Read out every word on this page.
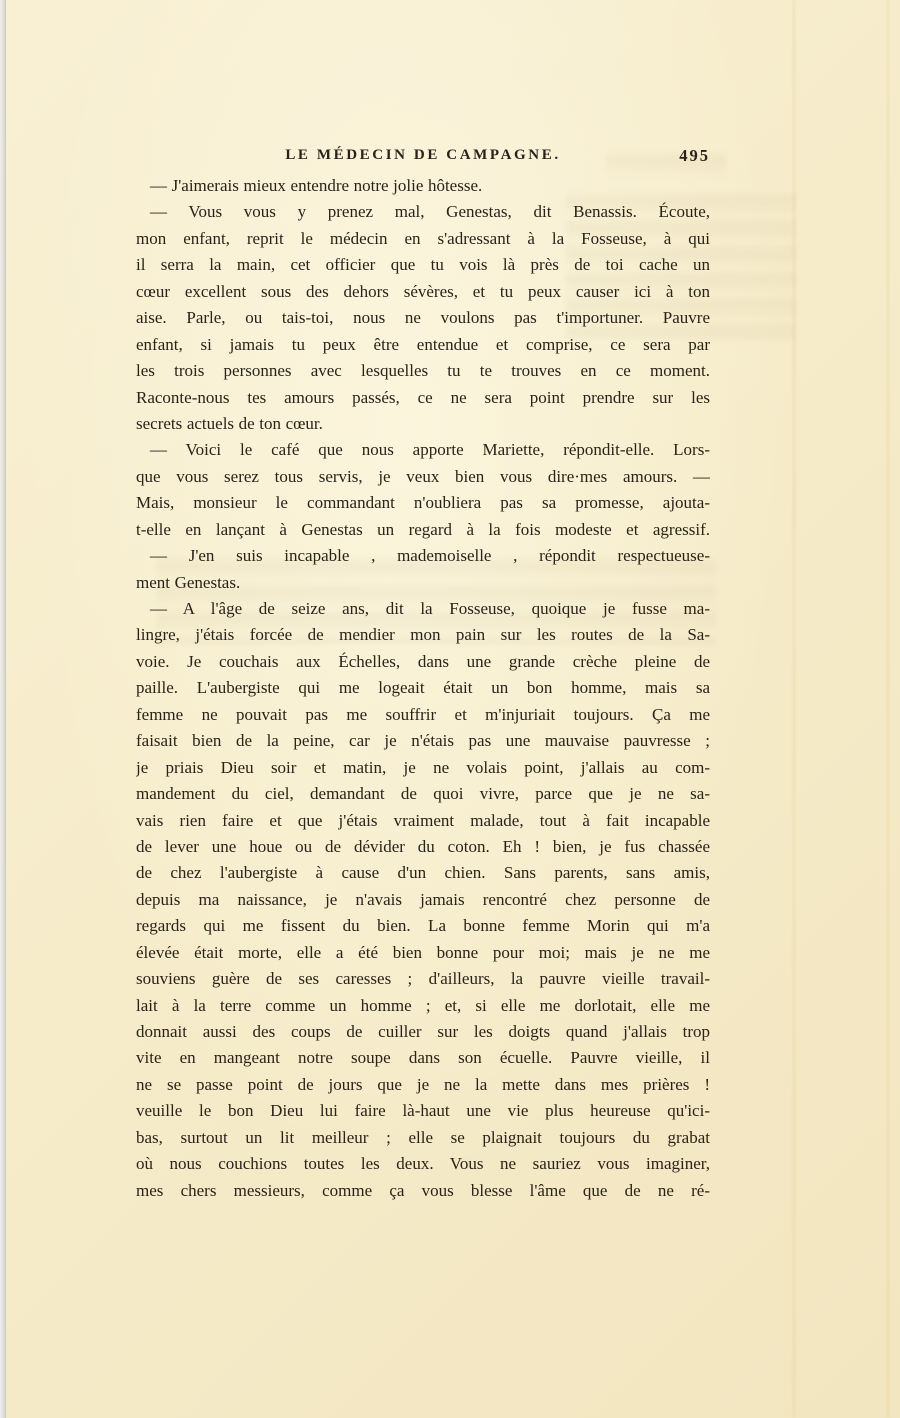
LE MÉDECIN DE CAMPAGNE.	495
— J'aimerais mieux entendre notre jolie hôtesse.
— Vous vous y prenez mal, Genestas, dit Benassis. Écoute,
mon enfant, reprit le médecin en s'adressant à la Fosseuse, à qui
il serra la main, cet officier que tu vois là près de toi cache un
cœur excellent sous des dehors sévères, et tu peux causer ici à ton
aise. Parle, ou tais-toi, nous ne voulons pas t'importuner. Pauvre
enfant, si jamais tu peux être entendue et comprise, ce sera par
les trois personnes avec lesquelles tu te trouves en ce moment.
Raconte-nous tes amours passés, ce ne sera point prendre sur les
secrets actuels de ton cœur.
— Voici le café que nous apporte Mariette, répondit-elle. Lors-
que vous serez tous servis, je veux bien vous dire·mes amours. —
Mais, monsieur le commandant n'oubliera pas sa promesse, ajouta-
t-elle en lançant à Genestas un regard à la fois modeste et agressif.
— J'en suis incapable , mademoiselle , répondit respectueuse-
ment Genestas.
— A l'âge de seize ans, dit la Fosseuse, quoique je fusse ma-
lingre, j'étais forcée de mendier mon pain sur les routes de la Sa-
voie. Je couchais aux Échelles, dans une grande crèche pleine de
paille. L'aubergiste qui me logeait était un bon homme, mais sa
femme ne pouvait pas me souffrir et m'injuriait toujours. Ça me
faisait bien de la peine, car je n'étais pas une mauvaise pauvresse ;
je priais Dieu soir et matin, je ne volais point, j'allais au com-
mandement du ciel, demandant de quoi vivre, parce que je ne sa-
vais rien faire et que j'étais vraiment malade, tout à fait incapable
de lever une houe ou de dévider du coton. Eh ! bien, je fus chassée
de chez l'aubergiste à cause d'un chien. Sans parents, sans amis,
depuis ma naissance, je n'avais jamais rencontré chez personne de
regards qui me fissent du bien. La bonne femme Morin qui m'a
élevée était morte, elle a été bien bonne pour moi; mais je ne me
souviens guère de ses caresses ; d'ailleurs, la pauvre vieille travail-
lait à la terre comme un homme ; et, si elle me dorlotait, elle me
donnait aussi des coups de cuiller sur les doigts quand j'allais trop
vite en mangeant notre soupe dans son écuelle. Pauvre vieille, il
ne se passe point de jours que je ne la mette dans mes prières !
veuille le bon Dieu lui faire là-haut une vie plus heureuse qu'ici-
bas, surtout un lit meilleur ; elle se plaignait toujours du grabat
où nous couchions toutes les deux. Vous ne sauriez vous imaginer,
mes chers messieurs, comme ça vous blesse l'âme que de ne ré-
